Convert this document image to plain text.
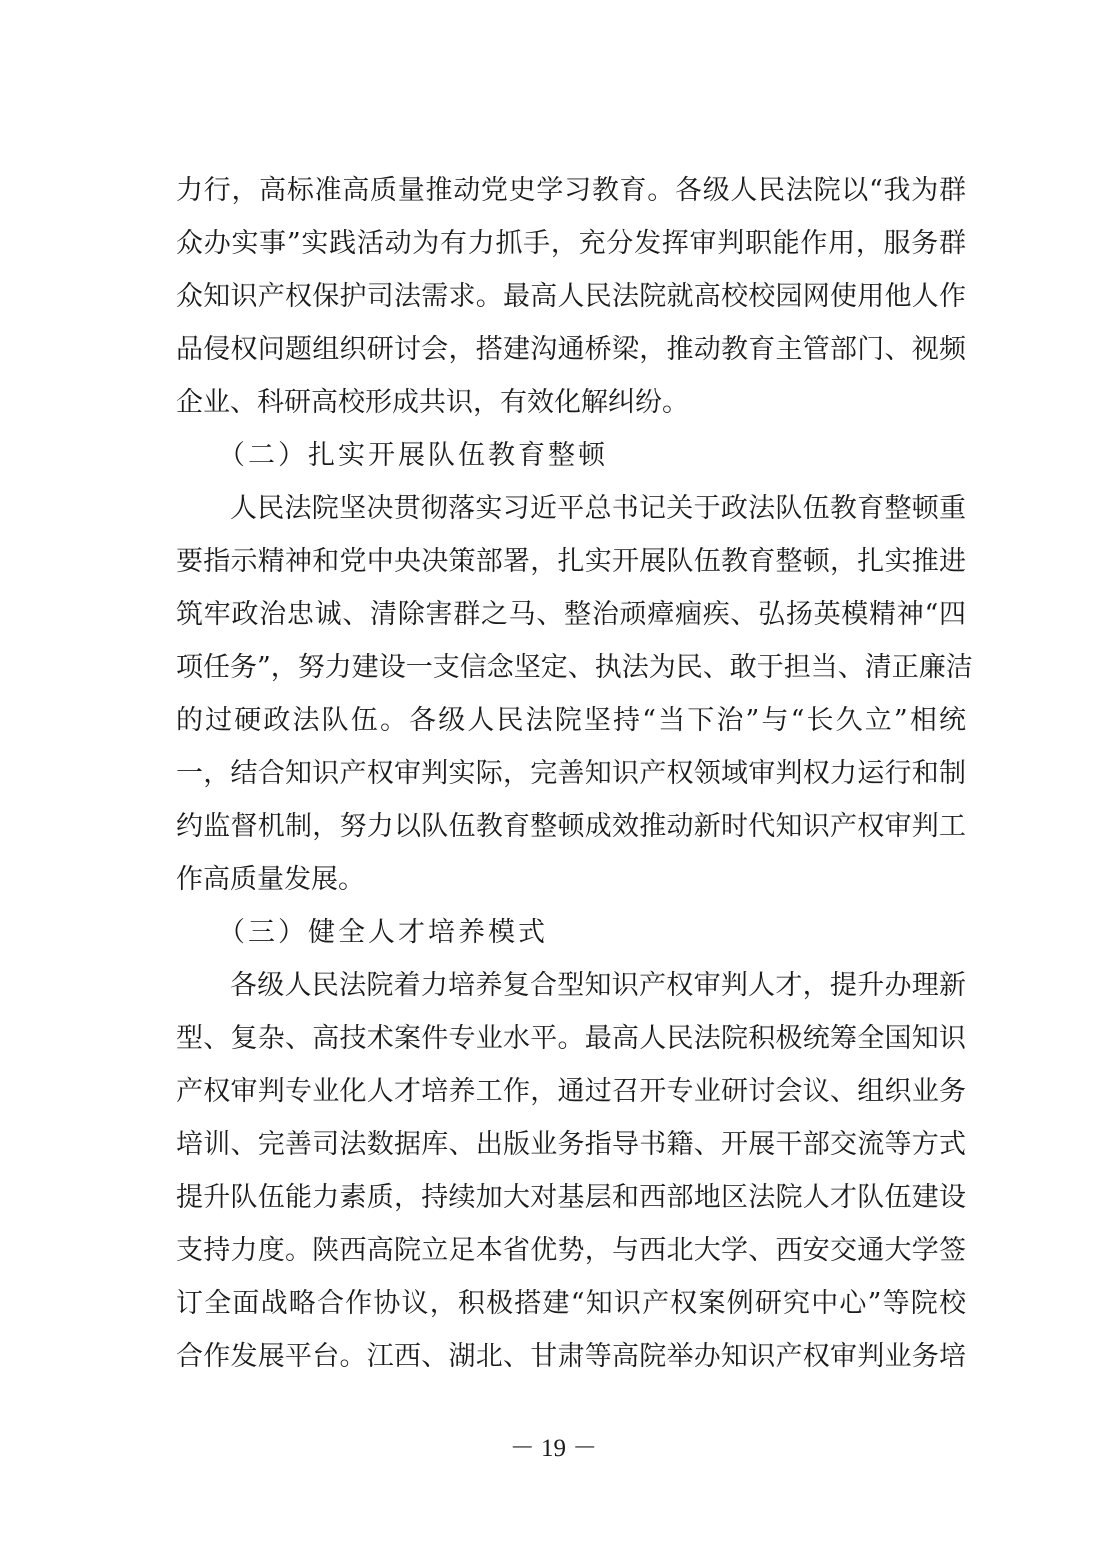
力行，高标准高质量推动党史学习教育。各级人民法院以“我为群
众办实事”实践活动为有力抓手，充分发挥审判职能作用，服务群
众知识产权保护司法需求。最高人民法院就高校校园网使用他人作
品侵权问题组织研讨会，搭建沟通桥梁，推动教育主管部门、视频
企业、科研高校形成共识，有效化解纠纷。
（二）扎实开展队伍教育整顿
人民法院坚决贯彻落实习近平总书记关于政法队伍教育整顿重
要指示精神和党中央决策部署，扎实开展队伍教育整顿，扎实推进
筑牢政治忠诚、清除害群之马、整治顽瘴痼疾、弘扬英模精神“四
项任务”，努力建设一支信念坚定、执法为民、敢于担当、清正廉洁
的过硬政法队伍。各级人民法院坚持“当下治”与“长久立”相统
一，结合知识产权审判实际，完善知识产权领域审判权力运行和制
约监督机制，努力以队伍教育整顿成效推动新时代知识产权审判工
作高质量发展。
（三）健全人才培养模式
各级人民法院着力培养复合型知识产权审判人才，提升办理新
型、复杂、高技术案件专业水平。最高人民法院积极统筹全国知识
产权审判专业化人才培养工作，通过召开专业研讨会议、组织业务
培训、完善司法数据库、出版业务指导书籍、开展干部交流等方式
提升队伍能力素质，持续加大对基层和西部地区法院人才队伍建设
支持力度。陕西高院立足本省优势，与西北大学、西安交通大学签
订全面战略合作协议，积极搭建“知识产权案例研究中心”等院校
合作发展平台。江西、湖北、甘肃等高院举办知识产权审判业务培
－ 19 －
